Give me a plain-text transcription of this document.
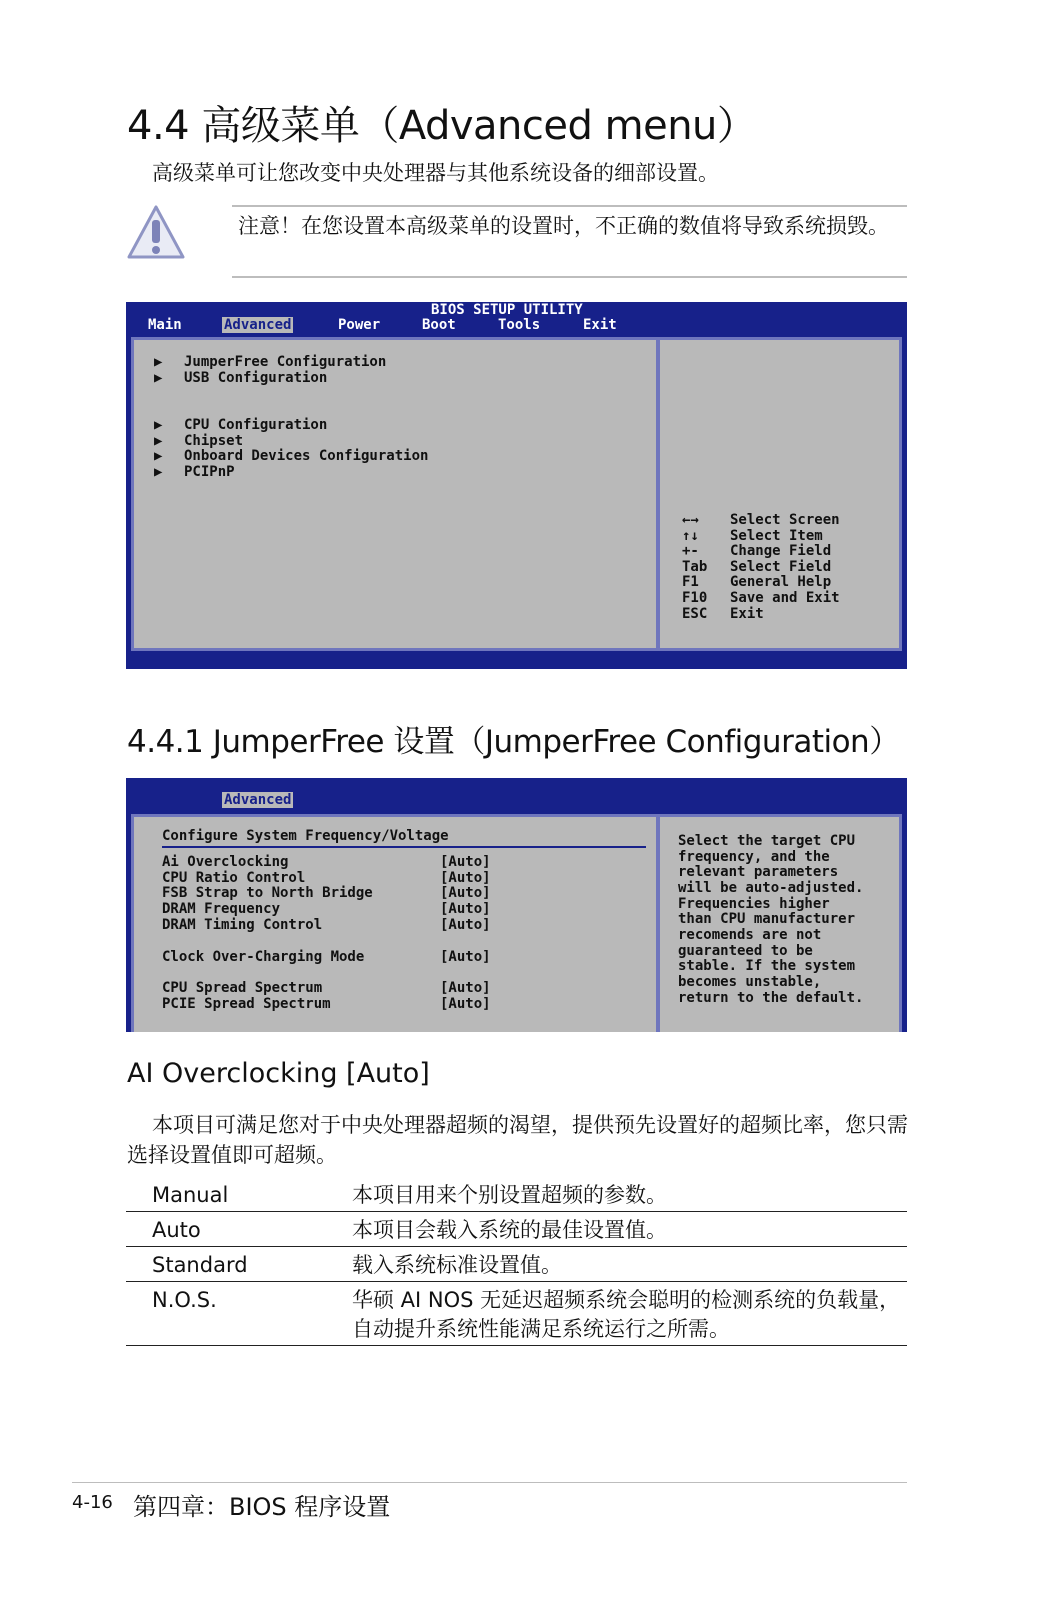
4.4 高级菜单（Advanced menu）
高级菜单可让您改变中央处理器与其他系统设备的细部设置。
注意！在您设置本高级菜单的设置时，不正确的数值将导致系统损毁。

BIOS SETUP UTILITY

Main

	Advanced

	Power

	Boot

	Tools

	Exit

▶

JumperFree Configuration

▶

USB Configuration

▶

CPU Configuration

▶

Chipset

▶

Onboard Devices Configuration

▶

PCIPnP

←→	Select Screen

↑↓	Select Item

+-	Change Field

Tab	Select Field

F1	General Help

F10	Save and Exit

ESC	Exit

4.4.1 JumperFree 设置（JumperFree Configuration）

Advanced

Configure System Frequency/Voltage

Ai Overclocking

	[Auto]

CPU Ratio Control

	[Auto]

FSB Strap to North Bridge

	[Auto]

DRAM Frequency

	[Auto]

DRAM Timing Control

	[Auto]

Clock Over-Charging Mode

	[Auto]

CPU Spread Spectrum

	[Auto]

PCIE Spread Spectrum

	[Auto]

Select the target CPU

frequency, and the

relevant parameters

will be auto-adjusted.

Frequencies higher

than CPU manufacturer

recomends are not

guaranteed to be

stable. If the system

becomes unstable,

return to the default.

AI Overclocking [Auto]
本项目可满足您对于中央处理器超频的渴望，提供预先设置好的超频比率，您只需选择设置值即可超频。
Manual	本项目用来个别设置超频的参数。
Auto	本项目会载入系统的最佳设置值。
Standard	载入系统标准设置值。
N.O.S.	华硕 AI NOS 无延迟超频系统会聪明的检测系统的负载量，自动提升系统性能满足系统运行之所需。
4-16 第四章：BIOS 程序设置
